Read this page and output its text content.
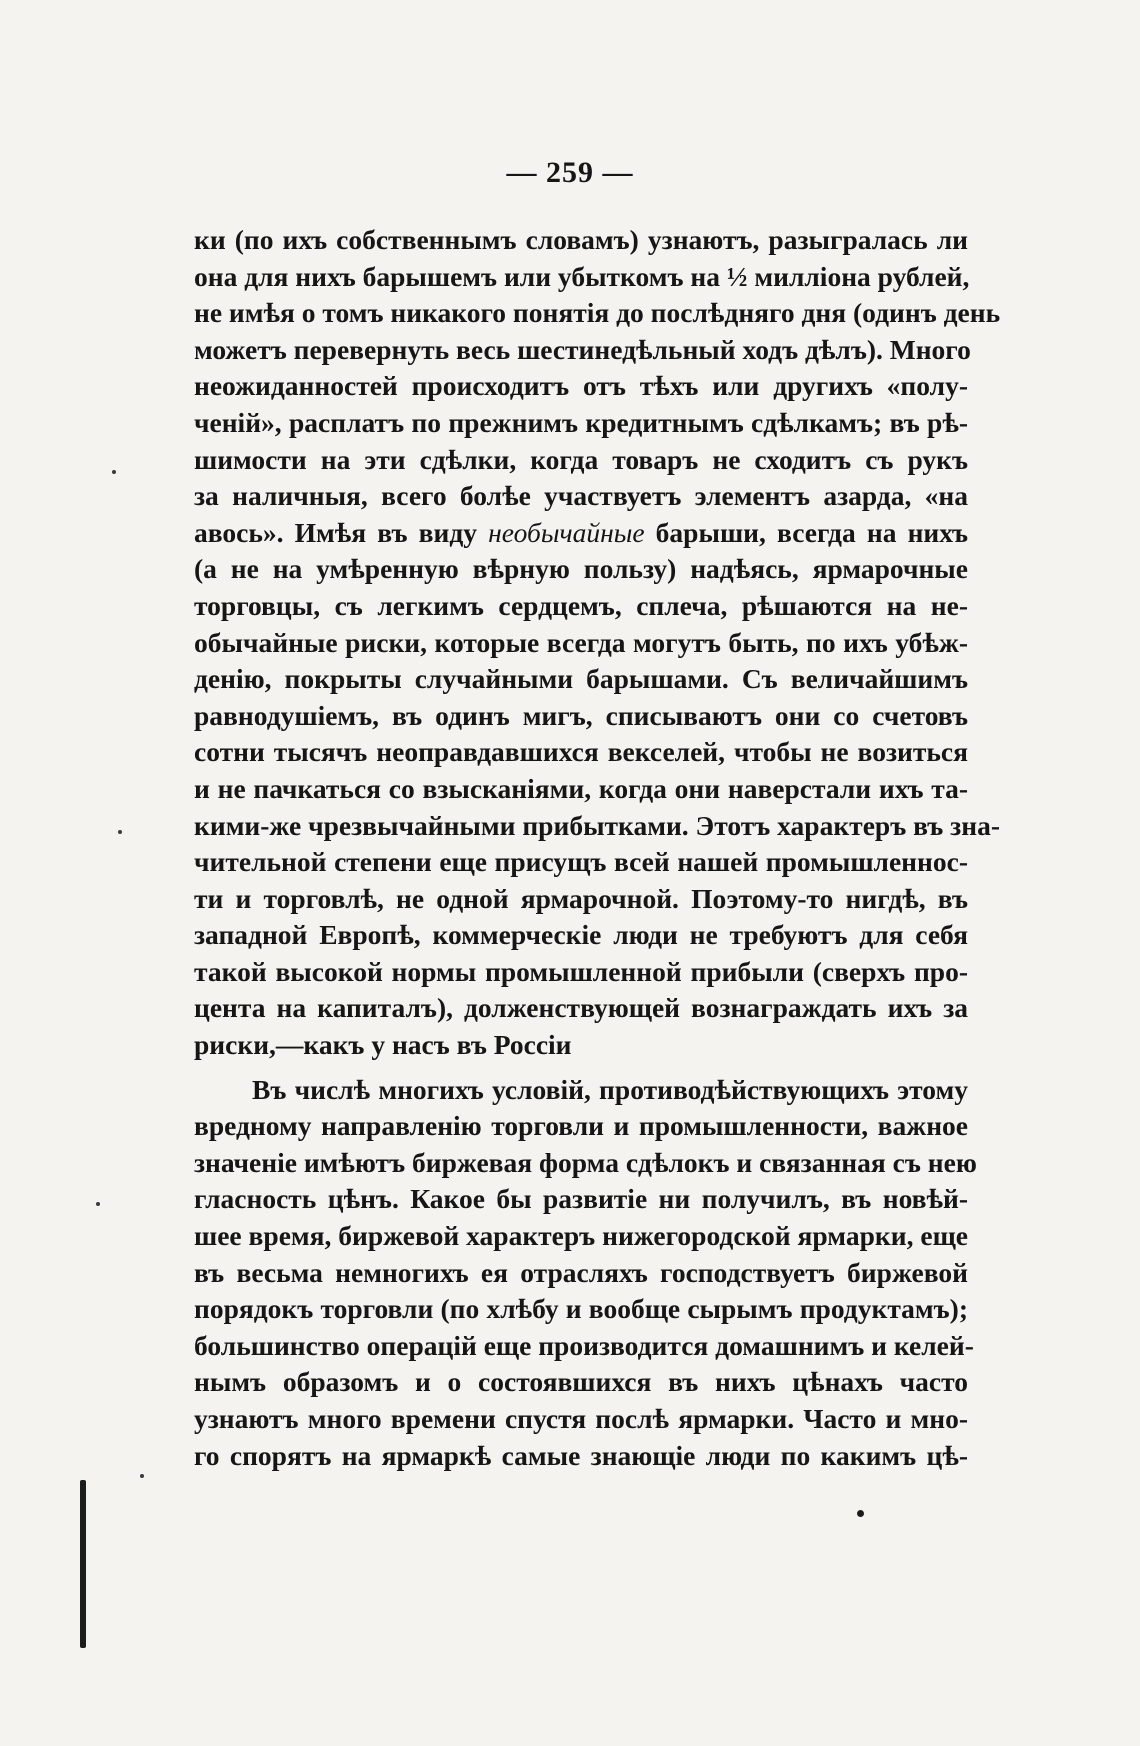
— 259 —
ки (по ихъ собственнымъ словамъ) узнаютъ, разыгралась ли
она для нихъ барышемъ или убыткомъ на ½ милліона рублей,
не имѣя о томъ никакого понятія до послѣдняго дня (одинъ день
можетъ перевернуть весь шестинедѣльный ходъ дѣлъ). Много
неожиданностей происходитъ отъ тѣхъ или другихъ «полу-
ченій», расплатъ по прежнимъ кредитнымъ сдѣлкамъ; въ рѣ-
шимости на эти сдѣлки, когда товаръ не сходитъ съ рукъ
за наличныя, всего болѣе участвуетъ элементъ азарда, «на
авось». Имѣя въ виду необычайные барыши, всегда на нихъ
(а не на умѣренную вѣрную пользу) надѣясь, ярмарочные
торговцы, съ легкимъ сердцемъ, сплеча, рѣшаются на не-
обычайные риски, которые всегда могутъ быть, по ихъ убѣж-
денію, покрыты случайными барышами. Съ величайшимъ
равнодушіемъ, въ одинъ мигъ, списываютъ они со счетовъ
сотни тысячъ неоправдавшихся векселей, чтобы не возиться
и не пачкаться со взысканіями, когда они наверстали ихъ та-
кими-же чрезвычайными прибытками. Этотъ характеръ въ зна-
чительной степени еще присущъ всей нашей промышленнос-
ти и торговлѣ, не одной ярмарочной. Поэтому-то нигдѣ, въ
западной Европѣ, коммерческіе люди не требуютъ для себя
такой высокой нормы промышленной прибыли (сверхъ про-
цента на капиталъ), долженствующей вознаграждать ихъ за
риски,—какъ у насъ въ Россіи
Въ числѣ многихъ условій, противодѣйствующихъ этому
вредному направленію торговли и промышленности, важное
значеніе имѣютъ биржевая форма сдѣлокъ и связанная съ нею
гласность цѣнъ. Какое бы развитіе ни получилъ, въ новѣй-
шее время, биржевой характеръ нижегородской ярмарки, еще
въ весьма немногихъ ея отрасляхъ господствуетъ биржевой
порядокъ торговли (по хлѣбу и вообще сырымъ продуктамъ);
большинство операцій еще производится домашнимъ и келей-
нымъ образомъ и о состоявшихся въ нихъ цѣнахъ часто
узнаютъ много времени спустя послѣ ярмарки. Часто и мно-
го спорятъ на ярмаркѣ самые знающіе люди по какимъ цѣ-
